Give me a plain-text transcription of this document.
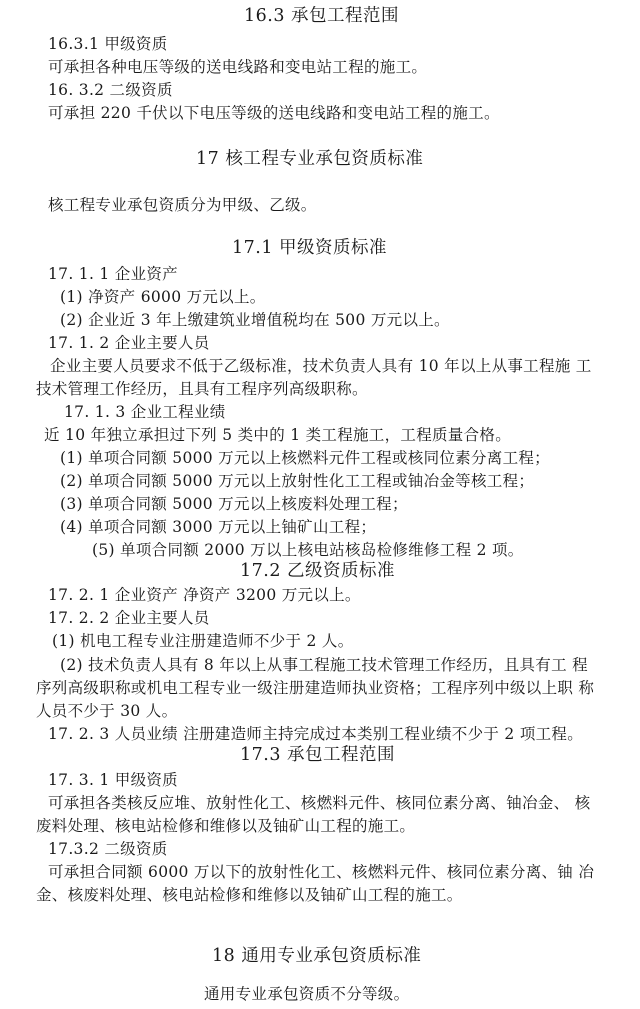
16.3 承包工程范围
16.3.1 甲级资质
可承担各种电压等级的送电线路和变电站工程的施工。
16. 3.2 二级资质
可承担 220 千伏以下电压等级的送电线路和变电站工程的施工。
17 核工程专业承包资质标准
核工程专业承包资质分为甲级、乙级。
17.1 甲级资质标准
17. 1. 1 企业资产
(1) 净资产 6000 万元以上。
(2) 企业近 3 年上缴建筑业增值税均在 500 万元以上。
17. 1. 2 企业主要人员
企业主要人员要求不低于乙级标准，技术负责人具有 10 年以上从事工程施 工
技术管理工作经历，且具有工程序列高级职称。
17. 1. 3 企业工程业绩
近 10 年独立承担过下列 5 类中的 1 类工程施工，工程质量合格。
(1) 单项合同额 5000 万元以上核燃料元件工程或核同位素分离工程；
(2) 单项合同额 5000 万元以上放射性化工工程或铀冶金等核工程；
(3) 单项合同额 5000 万元以上核废料处理工程；
(4) 单项合同额 3000 万元以上铀矿山工程；
(5) 单项合同额 2000 万以上核电站核岛检修维修工程 2 项。
17.2 乙级资质标准
17. 2. 1 企业资产 净资产 3200 万元以上。
17. 2. 2 企业主要人员
(1) 机电工程专业注册建造师不少于 2 人。
(2) 技术负责人具有 8 年以上从事工程施工技术管理工作经历，且具有工 程
序列高级职称或机电工程专业一级注册建造师执业资格；工程序列中级以上职 称
人员不少于 30 人。
17. 2. 3 人员业绩 注册建造师主持完成过本类别工程业绩不少于 2 项工程。
17.3 承包工程范围
17. 3. 1 甲级资质
可承担各类核反应堆、放射性化工、核燃料元件、核同位素分离、铀冶金、 核
废料处理、核电站检修和维修以及铀矿山工程的施工。
17.3.2 二级资质
可承担合同额 6000 万以下的放射性化工、核燃料元件、核同位素分离、铀 冶
金、核废料处理、核电站检修和维修以及铀矿山工程的施工。
18 通用专业承包资质标准
通用专业承包资质不分等级。
